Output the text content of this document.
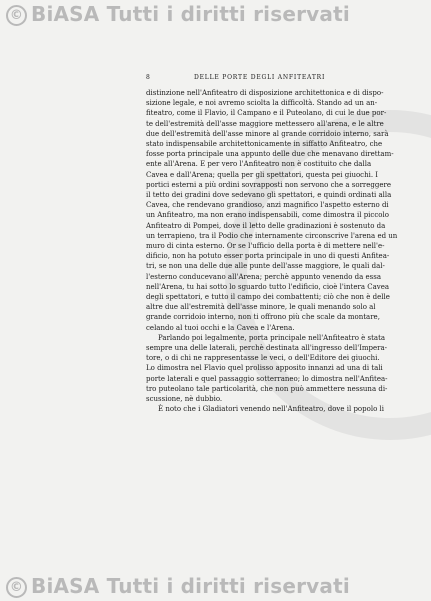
© BiASA Tutti i diritti riservati
8	DELLE PORTE DEGLI ANFITEATRI
distinzione nell'Anfiteatro di disposizione architettonica e di dispo-
sizione legale, e noi avremo sciolta la difficoltà. Stando ad un an-
fiteatro, come il Flavio, il Campano e il Puteolano, di cui le due por-
te dell'estremità dell'asse maggiore mettessero all'arena, e le altre
due dell'estremità dell'asse minore al grande corridoio interno, sarà
stato indispensabile architettonicamente in siffatto Anfiteatro, che
fosse porta principale una appunto delle due che menavano direttam-
ente all'Arena. E per vero l'Anfiteatro non è costituito che dalla
Cavea e dall'Arena; quella per gli spettatori, questa pei giuochi. I
portici esterni a più ordini sovrapposti non servono che a sorreggere
il tetto dei gradini dove sedevano gli spettatori, e quindi ordinati alla
Cavea, che rendevano grandioso, anzi magnifico l'aspetto esterno di
un Anfiteatro, ma non erano indispensabili, come dimostra il piccolo
Anfiteatro di Pompei, dove il letto delle gradinazioni è sostenuto da
un terrapieno, tra il Podio che internamente circonscrive l'arena ed un
muro di cinta esterno. Or se l'ufficio della porta è di mettere nell'e-
dificio, non ha potuto esser porta principale in uno di questi Anfitea-
tri, se non una delle due alle punte dell'asse maggiore, le quali dal-
l'esterno conducevano all'Arena; perchè appunto venendo da essa
nell'Arena, tu hai sotto lo sguardo tutto l'edificio, cioè l'intera Cavea
degli spettatori, e tutto il campo dei combattenti; ciò che non è delle
altre due all'estremità dell'asse minore, le quali menando solo al
grande corridoio interno, non ti offrono più che scale da montare,
celando al tuoi occhi e la Cavea e l'Arena.
Parlando poi legalmente, porta principale nell'Anfiteatro è stata
sempre una delle laterali, perchè destinata all'ingresso dell'Impera-
tore, o di chi ne rappresentasse le veci, o dell'Editore dei giuochi.
Lo dimostra nel Flavio quel prolisso apposito innanzi ad una di tali
porte laterali e quel passaggio sotterraneo; lo dimostra nell'Anfitea-
tro puteolano tale particolarità, che non può ammettere nessuna di-
scussione, nè dubbio.
È noto che i Gladiatori venendo nell'Anfiteatro, dove il popolo li
© BiASA Tutti i diritti riservati
